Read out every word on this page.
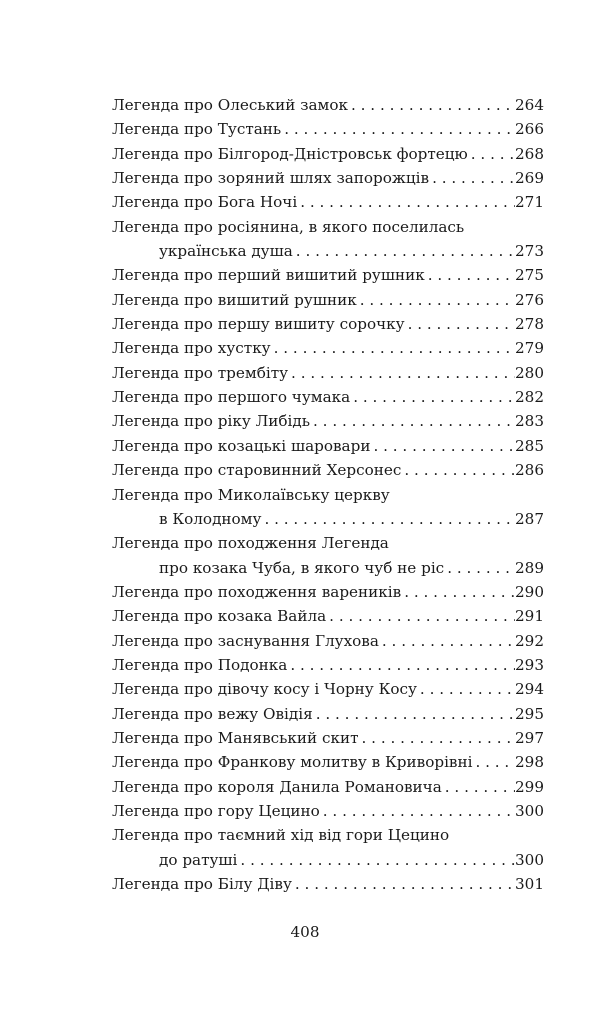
Легенда про Олеський замок . . .	264
Легенда про Тустань . . .	266
Легенда про Білгород-Дністровськ фортецю . . .	268
Легенда про зоряний шлях запорожців . . .	269
Легенда про Бога Ночі . . .	271
Легенда про росіянина, в якого поселилась
українська душа . . .	273
Легенда про перший вишитий рушник . . .	275
Легенда про вишитий рушник . . .	276
Легенда про першу вишиту сорочку . . .	278
Легенда про хустку . . .	279
Легенда про трембіту . . .	280
Легенда про першого чумака . . .	282
Легенда про ріку Либідь . . .	283
Легенда про козацькі шаровари . . .	285
Легенда про старовинний Херсонес . . .	286
Легенда про Миколаївську церкву
в Колодному . . .	287
Легенда про походження Легенда
про козака Чуба, в якого чуб не ріс . . .	289
Легенда про походження вареників . . .	290
Легенда про козака Вайла . . .	291
Легенда про заснування Глухова . . .	292
Легенда про Подонка . . .	293
Легенда про дівочу косу і Чорну Косу . . .	294
Легенда про вежу Овідія . . .	295
Легенда про Манявський скит . . .	297
Легенда про Франкову молитву в Криворівні . . .	298
Легенда про короля Данила Романовича . . .	299
Легенда про гору Цецино . . .	300
Легенда про таємний хід від гори Цецино
до ратуші . . .	300
Легенда про Білу Діву . . .	301
408
